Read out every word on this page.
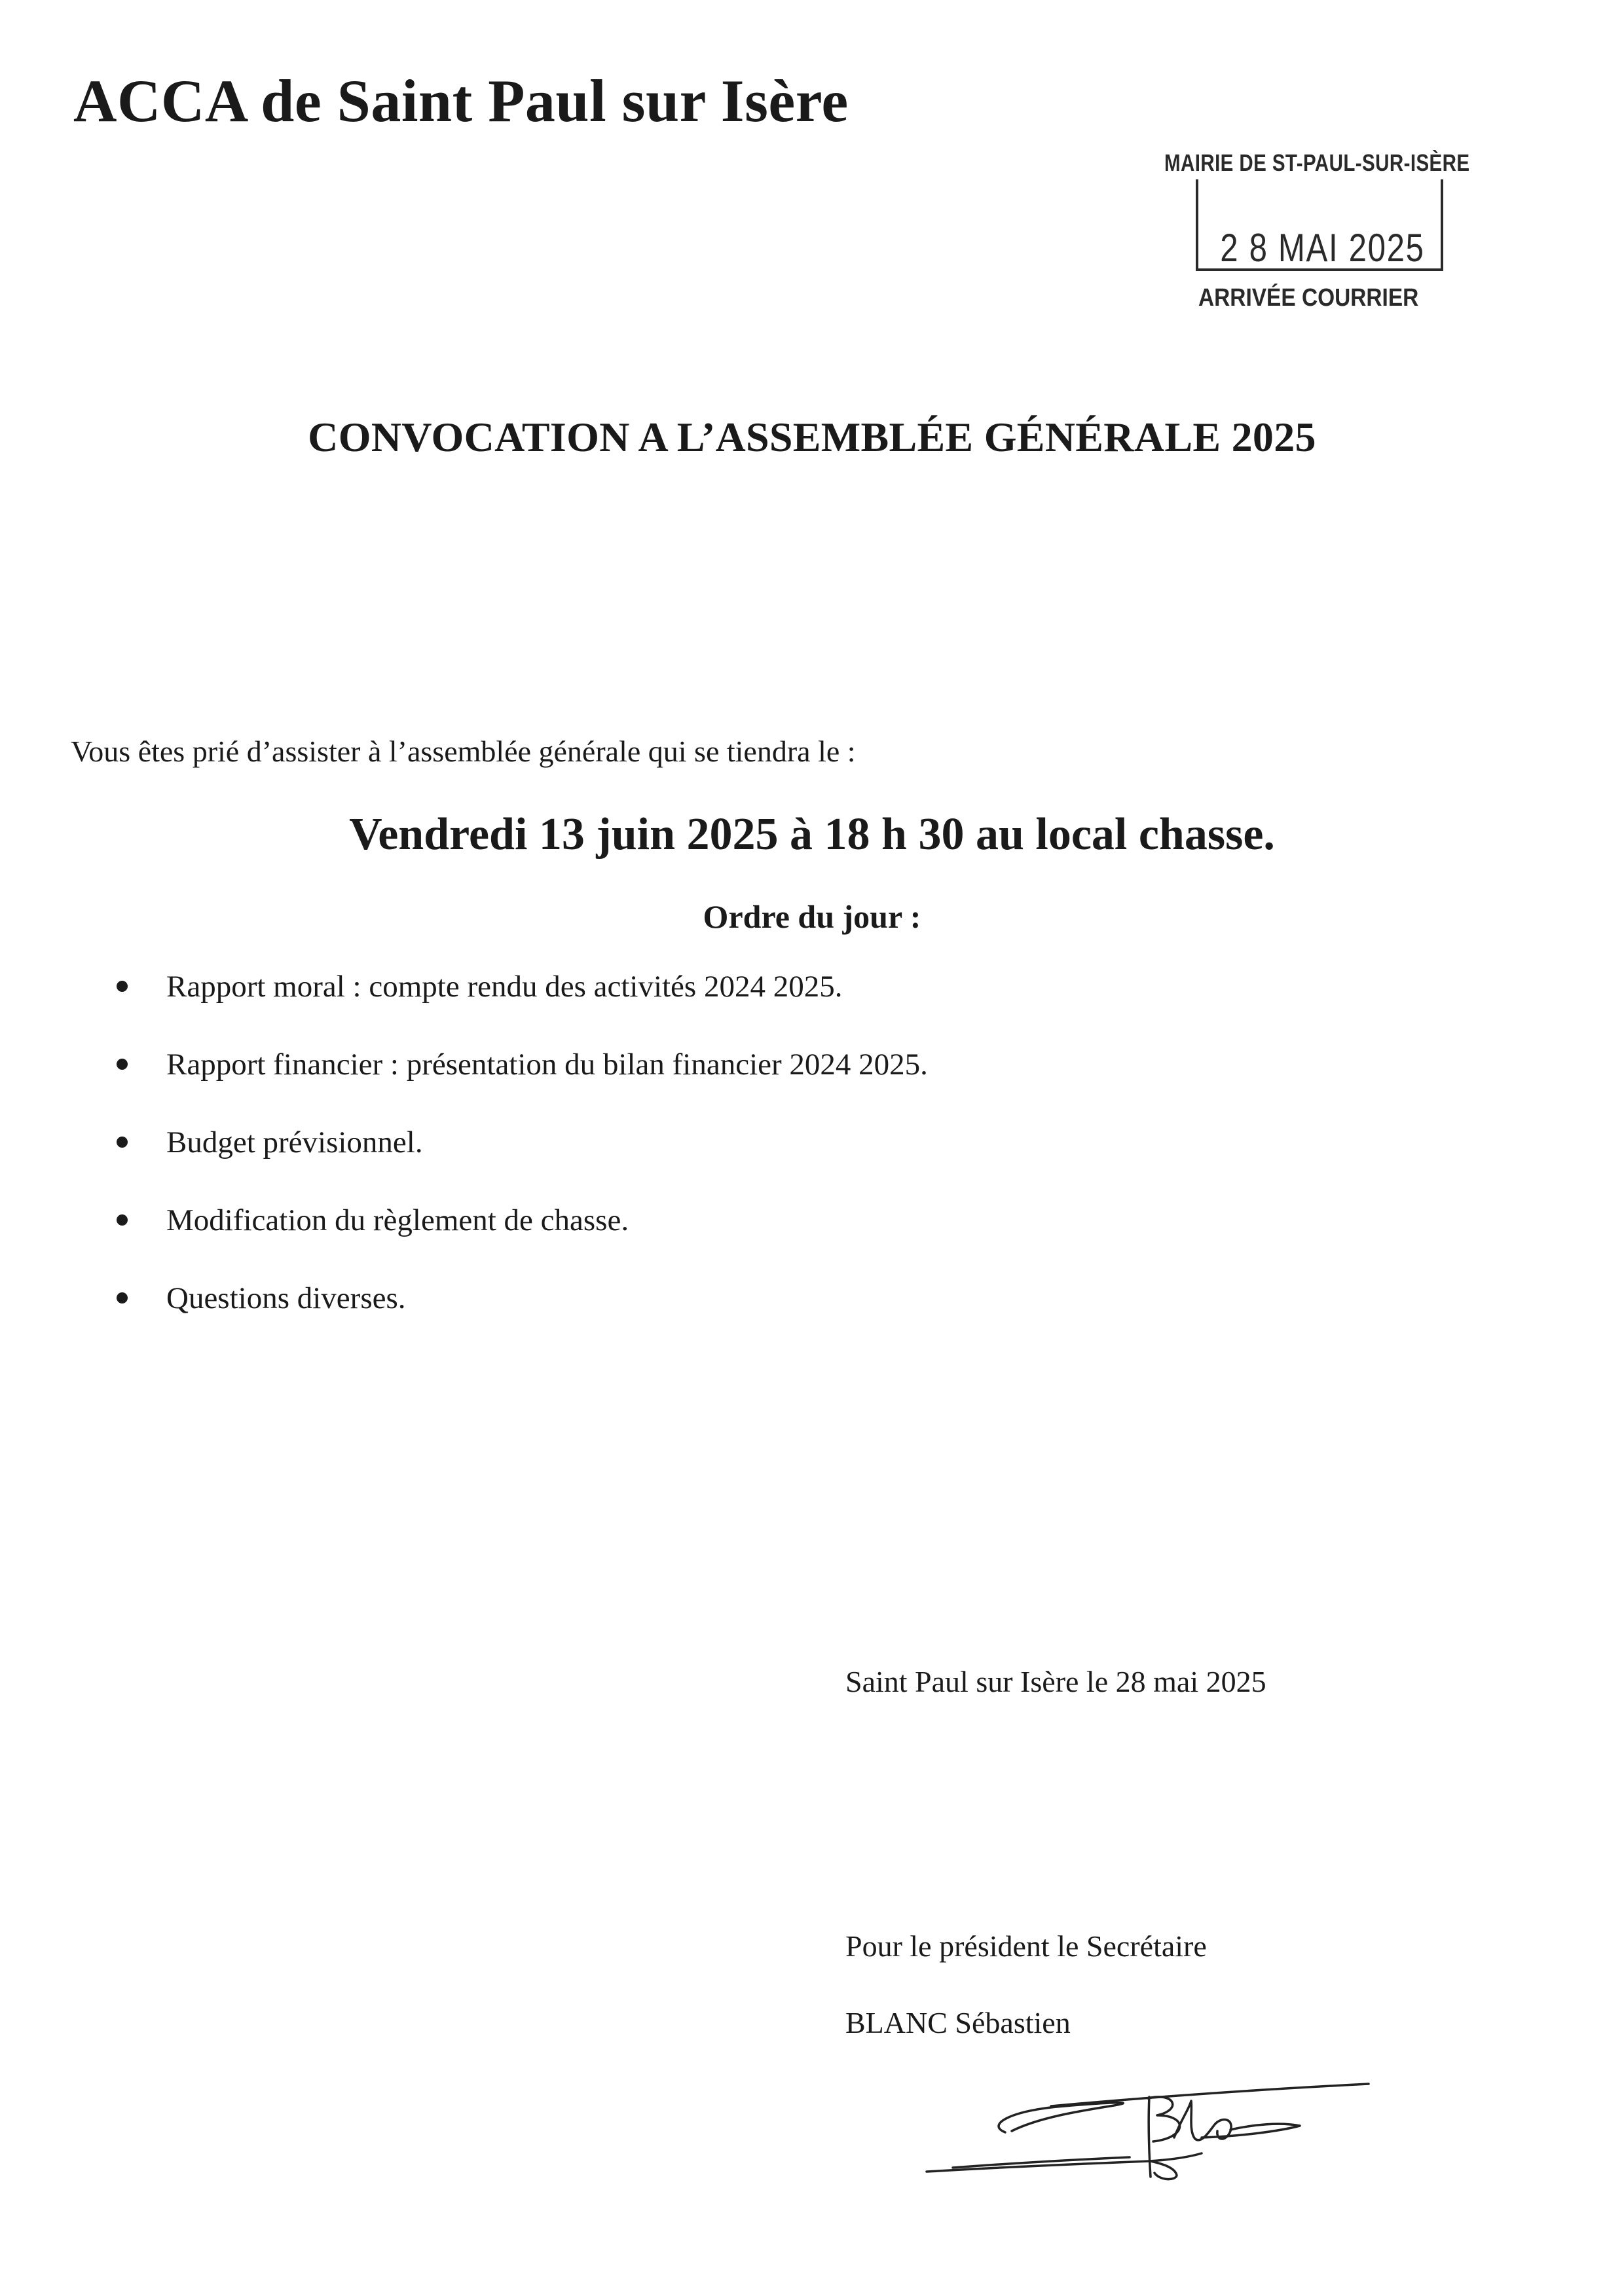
ACCA de Saint Paul sur Isère
MAIRIE DE ST-PAUL-SUR-ISÈRE
2 8 MAI 2025
ARRIVÉE COURRIER
CONVOCATION A L’ASSEMBLÉE GÉNÉRALE 2025
Vous êtes prié d’assister à l’assemblée générale qui se tiendra le :
Vendredi 13 juin 2025 à 18 h 30 au local chasse.
Ordre du jour :
Rapport moral : compte rendu des activités 2024 2025.
Rapport financier : présentation du bilan financier 2024 2025.
Budget prévisionnel.
Modification du règlement de chasse.
Questions diverses.
Saint Paul sur Isère le 28 mai 2025
Pour le président le Secrétaire
BLANC Sébastien
